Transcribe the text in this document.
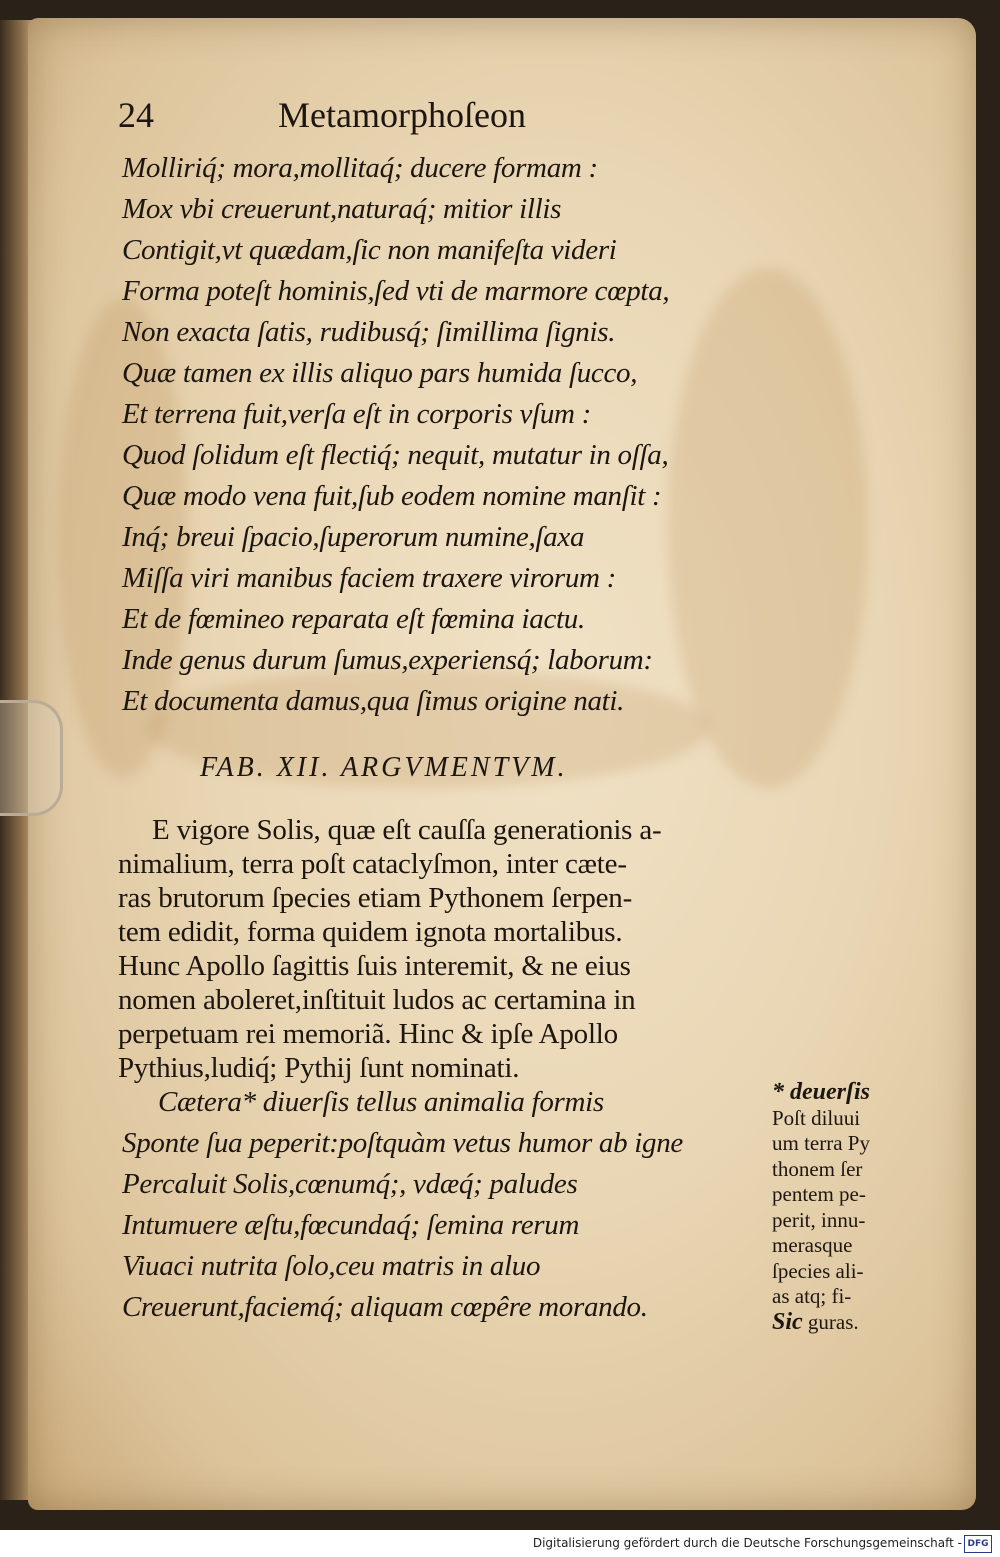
24	Metamorphoſeon
Molliriq́; mora,mollitaq́; ducere formam :
Mox vbi creuerunt,naturaq́; mitior illis
Contigit,vt quædam,ſic non manifeſta videri
Forma poteſt hominis,ſed vti de marmore cœpta,
Non exacta ſatis, rudibusq́; ſimillima ſignis.
Quæ tamen ex illis aliquo pars humida ſucco,
Et terrena fuit,verſa eſt in corporis vſum :
Quod ſolidum eſt flectiq́; nequit, mutatur in oſſa,
Quæ modo vena fuit,ſub eodem nomine manſit :
Inq́; breui ſpacio,ſuperorum numine,ſaxa
Miſſa viri manibus faciem traxere virorum :
Et de fœmineo reparata eſt fœmina iactu.
Inde genus durum ſumus,experiensq́; laborum:
Et documenta damus,qua ſimus origine nati.
FAB. XII. ARGVMENTVM.
E vigore Solis, quæ eſt cauſſa generationis a-
nimalium, terra poſt cataclyſmon, inter cæte-
ras brutorum ſpecies etiam Pythonem ſerpen-
tem edidit, forma quidem ignota mortalibus.
Hunc Apollo ſagittis ſuis interemit, & ne eius
nomen aboleret,inſtituit ludos ac certamina in
perpetuam rei memoriã. Hinc & ipſe Apollo
Pythius,ludiq́; Pythij ſunt nominati.
Cætera* diuerſis tellus animalia formis
Sponte ſua peperit:poſtquàm vetus humor ab igne
Percaluit Solis,cœnumq́;, vdæq́; paludes
Intumuere æſtu,fœcundaq́; ſemina rerum
Viuaci nutrita ſolo,ceu matris in aluo
Creuerunt,faciemq́; aliquam cœpêre morando.
* deuerſis
Poſt diluui
um terra Py
thonem ſer
pentem pe-
perit, innu-
merasque
ſpecies ali-
as atq; fi-
Sic guras.
Digitalisierung gefördert durch die Deutsche Forschungsgemeinschaft - DFG
